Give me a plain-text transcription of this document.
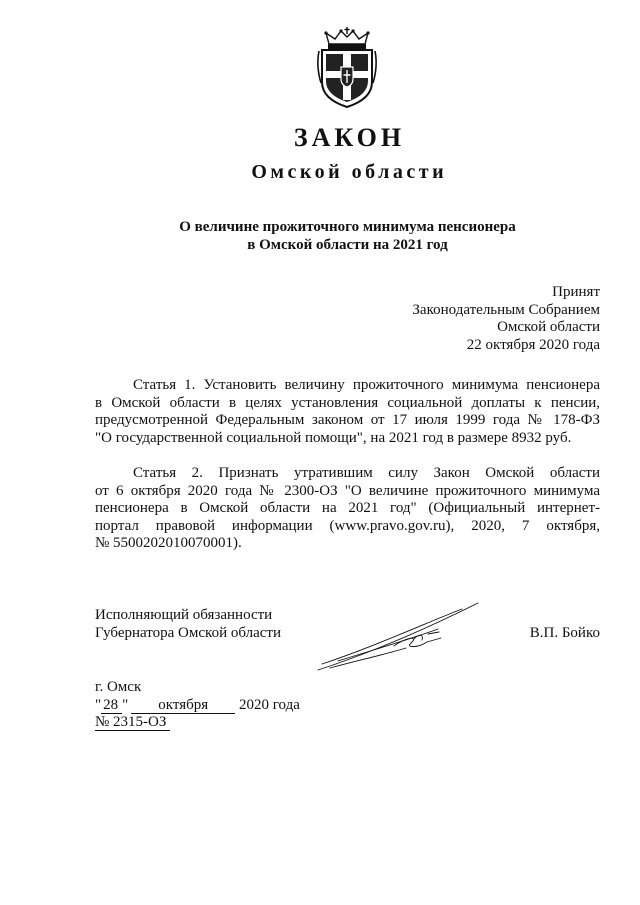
ЗАКОН
Омской области
О величине прожиточного минимума пенсионера
в Омской области на 2021 год
Принят
Законодательным Собранием
Омской области
22 октября 2020 года
Статья 1. Установить величину прожиточного минимума пенсионера
в Омской области в целях установления социальной доплаты к пенсии,
предусмотренной Федеральным законом от 17 июля 1999 года № 178-ФЗ
"О государственной социальной помощи", на 2021 год в размере 8932 руб.
Статья 2. Признать утратившим силу Закон Омской области
от 6 октября 2020 года № 2300-ОЗ "О величине прожиточного минимума
пенсионера в Омской области на 2021 год" (Официальный интернет-
портал правовой информации (www.pravo.gov.ru), 2020, 7 октября,
№ 5500202010070001).
Исполняющий обязанности
Губернатора Омской области	В.П. Бойко
г. Омск
" 28 " октября 2020 года
№ 2315-ОЗ
